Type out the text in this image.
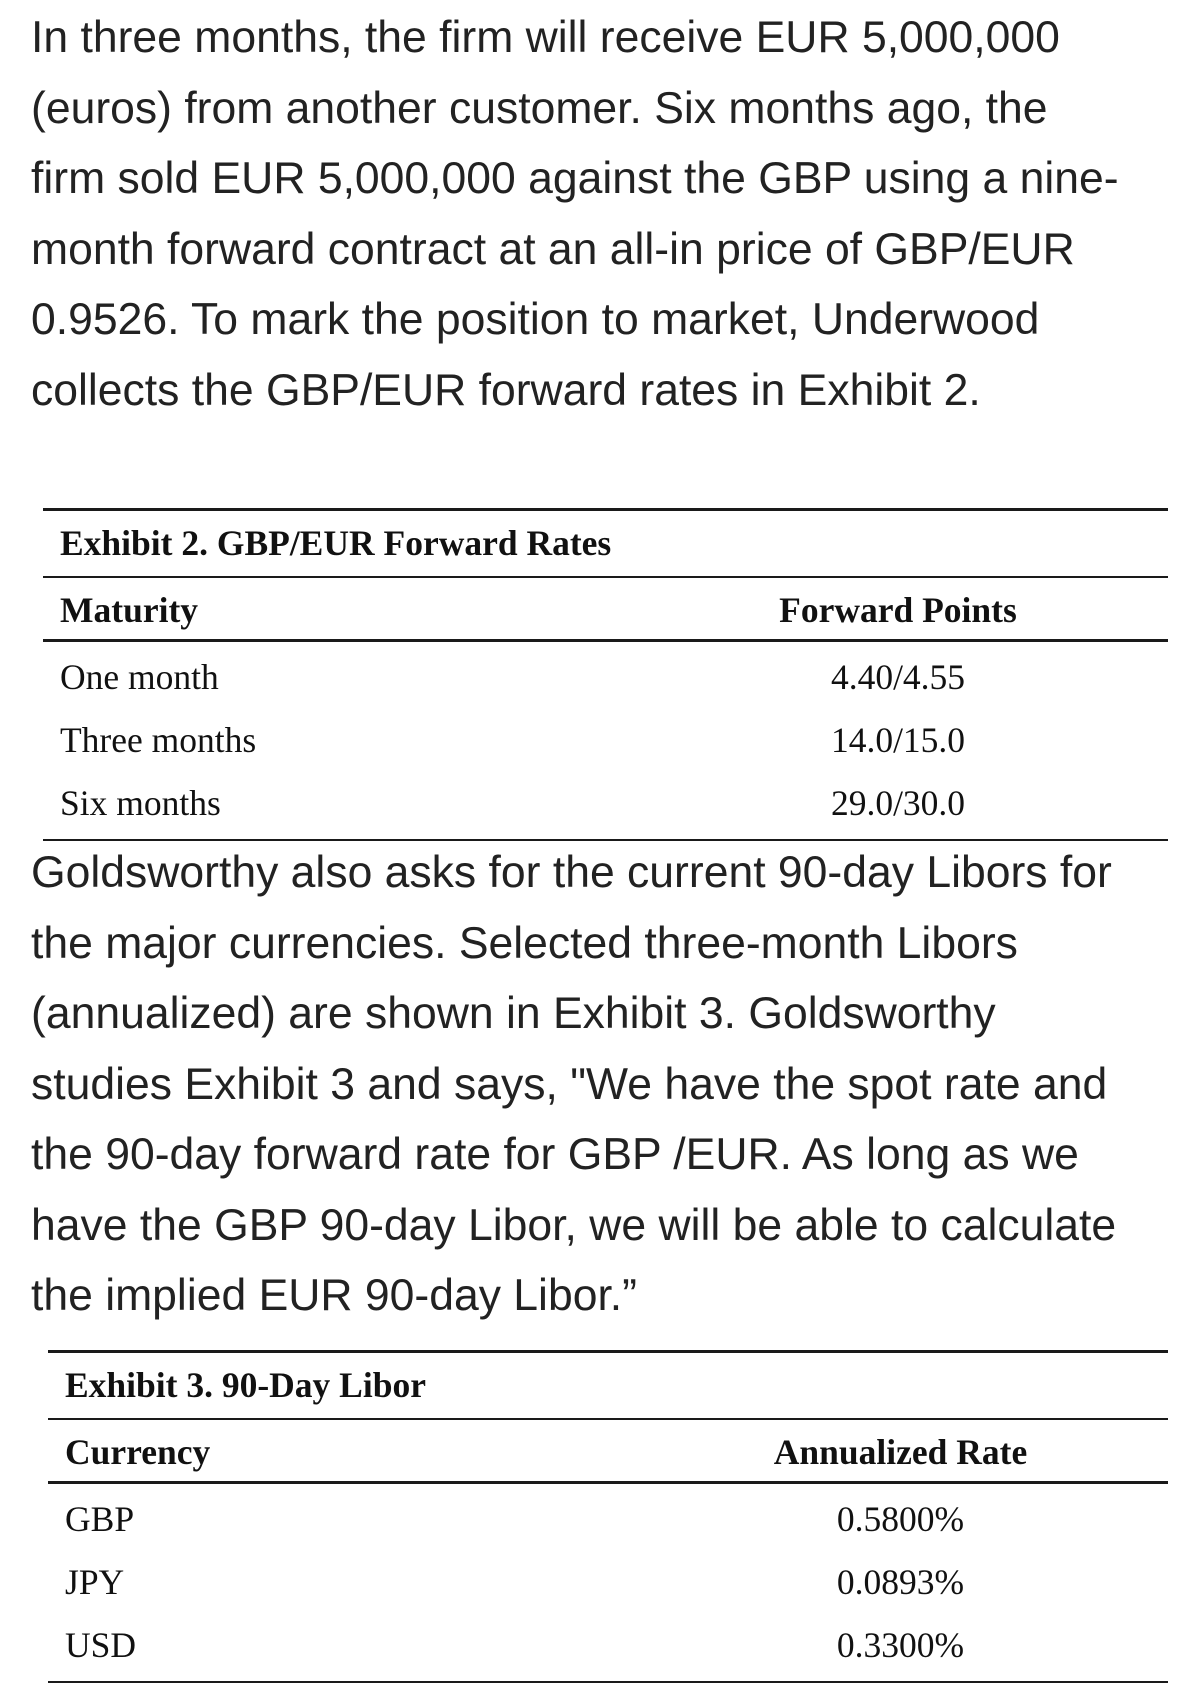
In three months, the firm will receive EUR 5,000,000
(euros) from another customer. Six months ago, the
firm sold EUR 5,000,000 against the GBP using a nine-
month forward contract at an all-in price of GBP/EUR
0.9526. To mark the position to market, Underwood
collects the GBP/EUR forward rates in Exhibit 2.

Exhibit 2. GBP/EUR Forward Rates
Maturity	Forward Points
One month	4.40/4.55
Three months	14.0/15.0
Six months	29.0/30.0

Goldsworthy also asks for the current 90-day Libors for
the major currencies. Selected three-month Libors
(annualized) are shown in Exhibit 3. Goldsworthy
studies Exhibit 3 and says, "We have the spot rate and
the 90-day forward rate for GBP /EUR. As long as we
have the GBP 90-day Libor, we will be able to calculate
the implied EUR 90-day Libor.”

Exhibit 3. 90-Day Libor
Currency	Annualized Rate
GBP	0.5800%
JPY	0.0893%
USD	0.3300%
